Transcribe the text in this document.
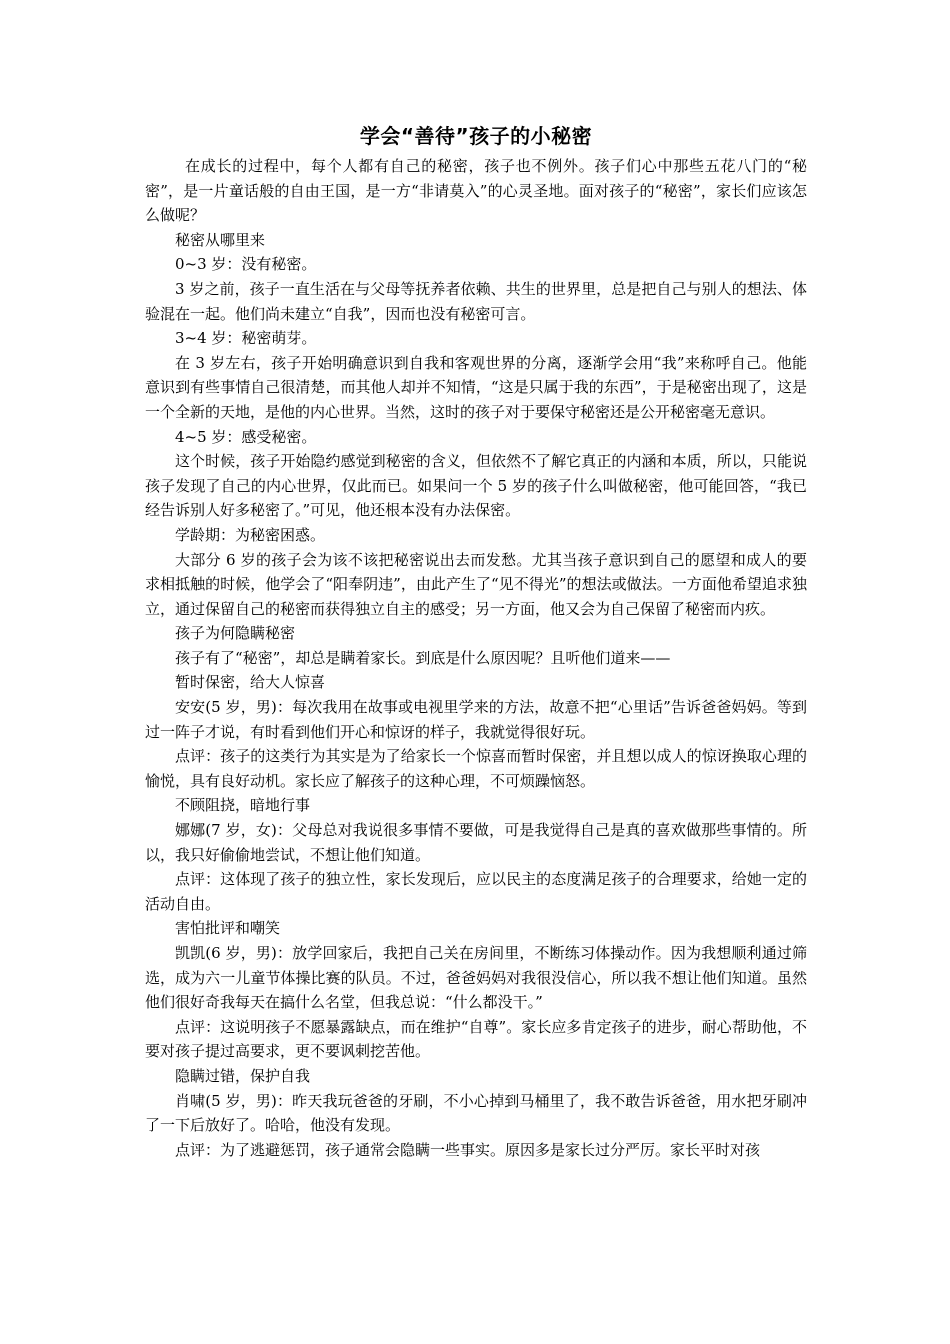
学会“善待”孩子的小秘密

在成长的过程中，每个人都有自己的秘密，孩子也不例外。孩子们心中那些五花八门的“秘密”，是一片童话般的自由王国，是一方“非请莫入”的心灵圣地。面对孩子的“秘密”，家长们应该怎么做呢？

秘密从哪里来

0~3 岁：没有秘密。

3 岁之前，孩子一直生活在与父母等抚养者依赖、共生的世界里，总是把自己与别人的想法、体验混在一起。他们尚未建立“自我”，因而也没有秘密可言。

3~4 岁：秘密萌芽。

在 3 岁左右，孩子开始明确意识到自我和客观世界的分离，逐渐学会用“我”来称呼自己。他能意识到有些事情自己很清楚，而其他人却并不知情，“这是只属于我的东西”，于是秘密出现了，这是一个全新的天地，是他的内心世界。当然，这时的孩子对于要保守秘密还是公开秘密毫无意识。

4~5 岁：感受秘密。

这个时候，孩子开始隐约感觉到秘密的含义，但依然不了解它真正的内涵和本质，所以，只能说孩子发现了自己的内心世界，仅此而已。如果问一个 5 岁的孩子什么叫做秘密，他可能回答，“我已经告诉别人好多秘密了。”可见，他还根本没有办法保密。

学龄期：为秘密困惑。

大部分 6 岁的孩子会为该不该把秘密说出去而发愁。尤其当孩子意识到自己的愿望和成人的要求相抵触的时候，他学会了“阳奉阴违”，由此产生了“见不得光”的想法或做法。一方面他希望追求独立，通过保留自己的秘密而获得独立自主的感受；另一方面，他又会为自己保留了秘密而内疚。

孩子为何隐瞒秘密

孩子有了“秘密”，却总是瞒着家长。到底是什么原因呢？且听他们道来——

暂时保密，给大人惊喜

安安(5 岁，男)：每次我用在故事或电视里学来的方法，故意不把“心里话”告诉爸爸妈妈。等到过一阵子才说，有时看到他们开心和惊讶的样子，我就觉得很好玩。

点评：孩子的这类行为其实是为了给家长一个惊喜而暂时保密，并且想以成人的惊讶换取心理的愉悦，具有良好动机。家长应了解孩子的这种心理，不可烦躁恼怒。

不顾阻挠，暗地行事

娜娜(7 岁，女)：父母总对我说很多事情不要做，可是我觉得自己是真的喜欢做那些事情的。所以，我只好偷偷地尝试，不想让他们知道。

点评：这体现了孩子的独立性，家长发现后，应以民主的态度满足孩子的合理要求，给她一定的活动自由。

害怕批评和嘲笑

凯凯(6 岁，男)：放学回家后，我把自己关在房间里，不断练习体操动作。因为我想顺利通过筛选，成为六一儿童节体操比赛的队员。不过，爸爸妈妈对我很没信心，所以我不想让他们知道。虽然他们很好奇我每天在搞什么名堂，但我总说：“什么都没干。”

点评：这说明孩子不愿暴露缺点，而在维护“自尊”。家长应多肯定孩子的进步，耐心帮助他，不要对孩子提过高要求，更不要讽刺挖苦他。

隐瞒过错，保护自我

肖啸(5 岁，男)：昨天我玩爸爸的牙刷，不小心掉到马桶里了，我不敢告诉爸爸，用水把牙刷冲了一下后放好了。哈哈，他没有发现。

点评：为了逃避惩罚，孩子通常会隐瞒一些事实。原因多是家长过分严厉。家长平时对孩
